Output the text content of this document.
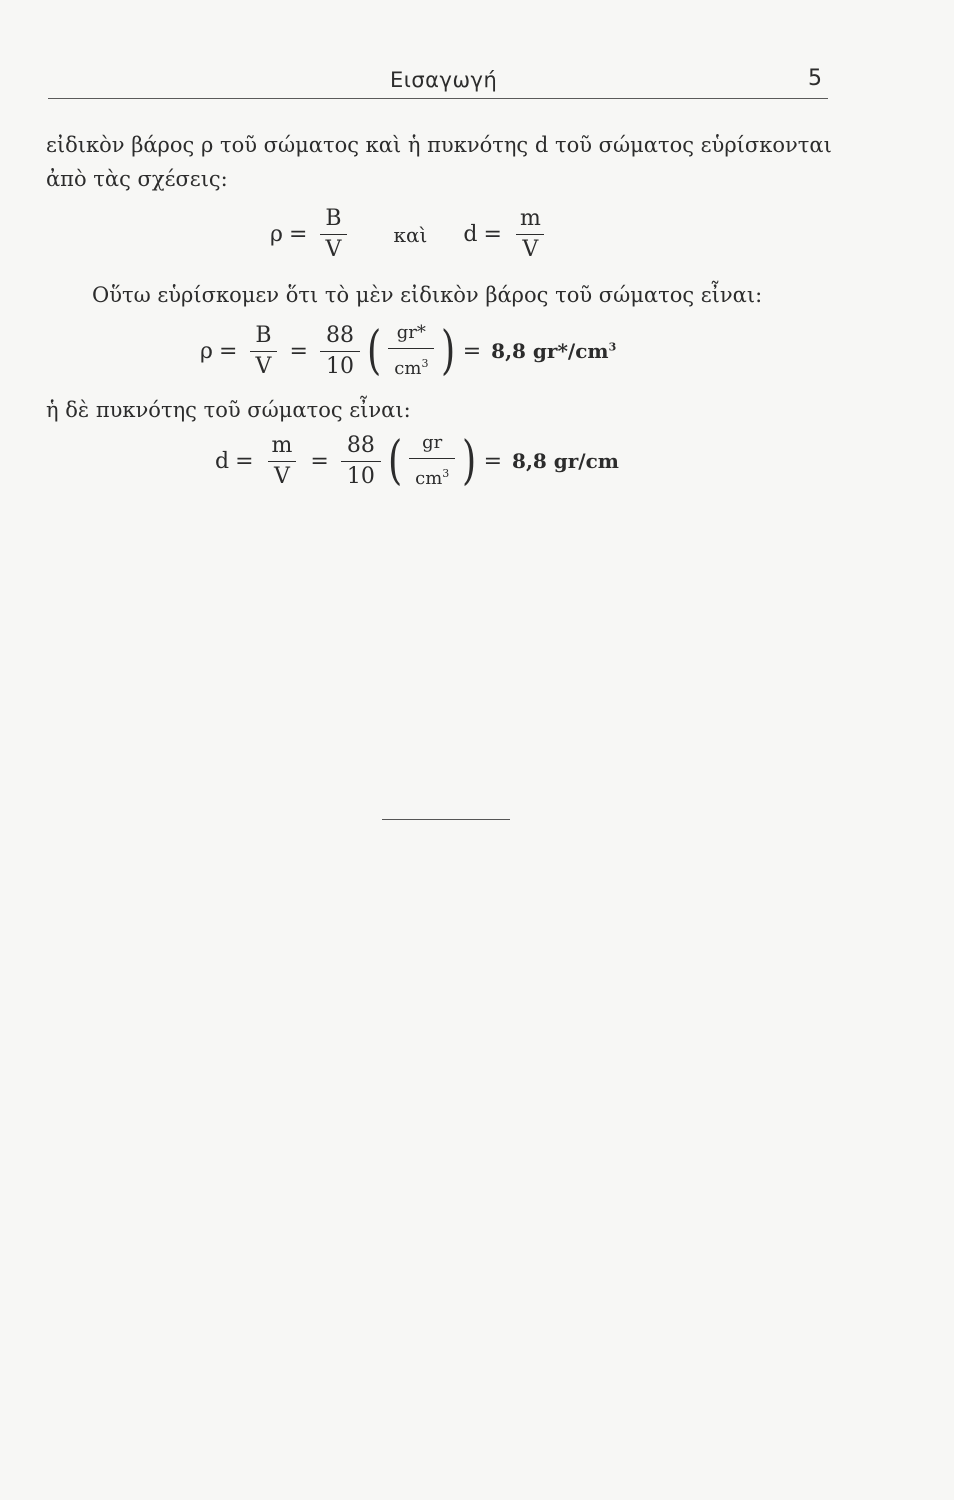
Εισαγωγή	5
εἰδικὸν βάρος ρ τοῦ σώματος καὶ ἡ πυκνότης d τοῦ σώματος εὑρίσκονται
ἀπὸ τὰς σχέσεις:
$\rho = \frac{B}{V}$ καὶ $d = \frac{m}{V}$
Οὕτω εὑρίσκομεν ὅτι τὸ μὲν εἰδικὸν βάρος τοῦ σώματος εἶναι:
$\rho = \frac{B}{V} = \frac{88}{10}$ ( $\frac{gr*}{cm^3}$ ) = 8,8 $gr*/cm^3$
ἡ δὲ πυκνότης τοῦ σώματος εἶναι:
$d = \frac{m}{V} = \frac{88}{10}$ ( $\frac{gr}{cm^3}$ ) = 8,8 gr/cm
